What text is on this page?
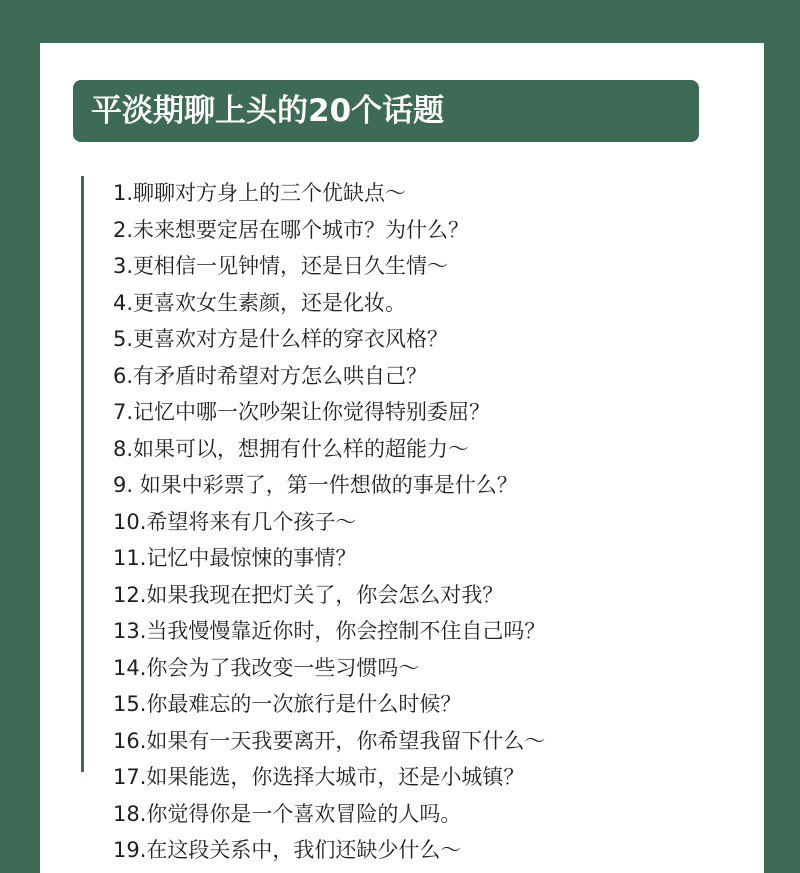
平淡期聊上头的20个话题
1.聊聊对方身上的三个优缺点～
2.未来想要定居在哪个城市？为什么？
3.更相信一见钟情，还是日久生情～
4.更喜欢女生素颜，还是化妆。
5.更喜欢对方是什么样的穿衣风格？
6.有矛盾时希望对方怎么哄自己？
7.记忆中哪一次吵架让你觉得特别委屈？
8.如果可以，想拥有什么样的超能力～
9. 如果中彩票了，第一件想做的事是什么？
10.希望将来有几个孩子～
11.记忆中最惊悚的事情？
12.如果我现在把灯关了，你会怎么对我？
13.当我慢慢靠近你时，你会控制不住自己吗？
14.你会为了我改变一些习惯吗～
15.你最难忘的一次旅行是什么时候？
16.如果有一天我要离开，你希望我留下什么～
17.如果能选，你选择大城市，还是小城镇？
18.你觉得你是一个喜欢冒险的人吗。
19.在这段关系中，我们还缺少什么～
